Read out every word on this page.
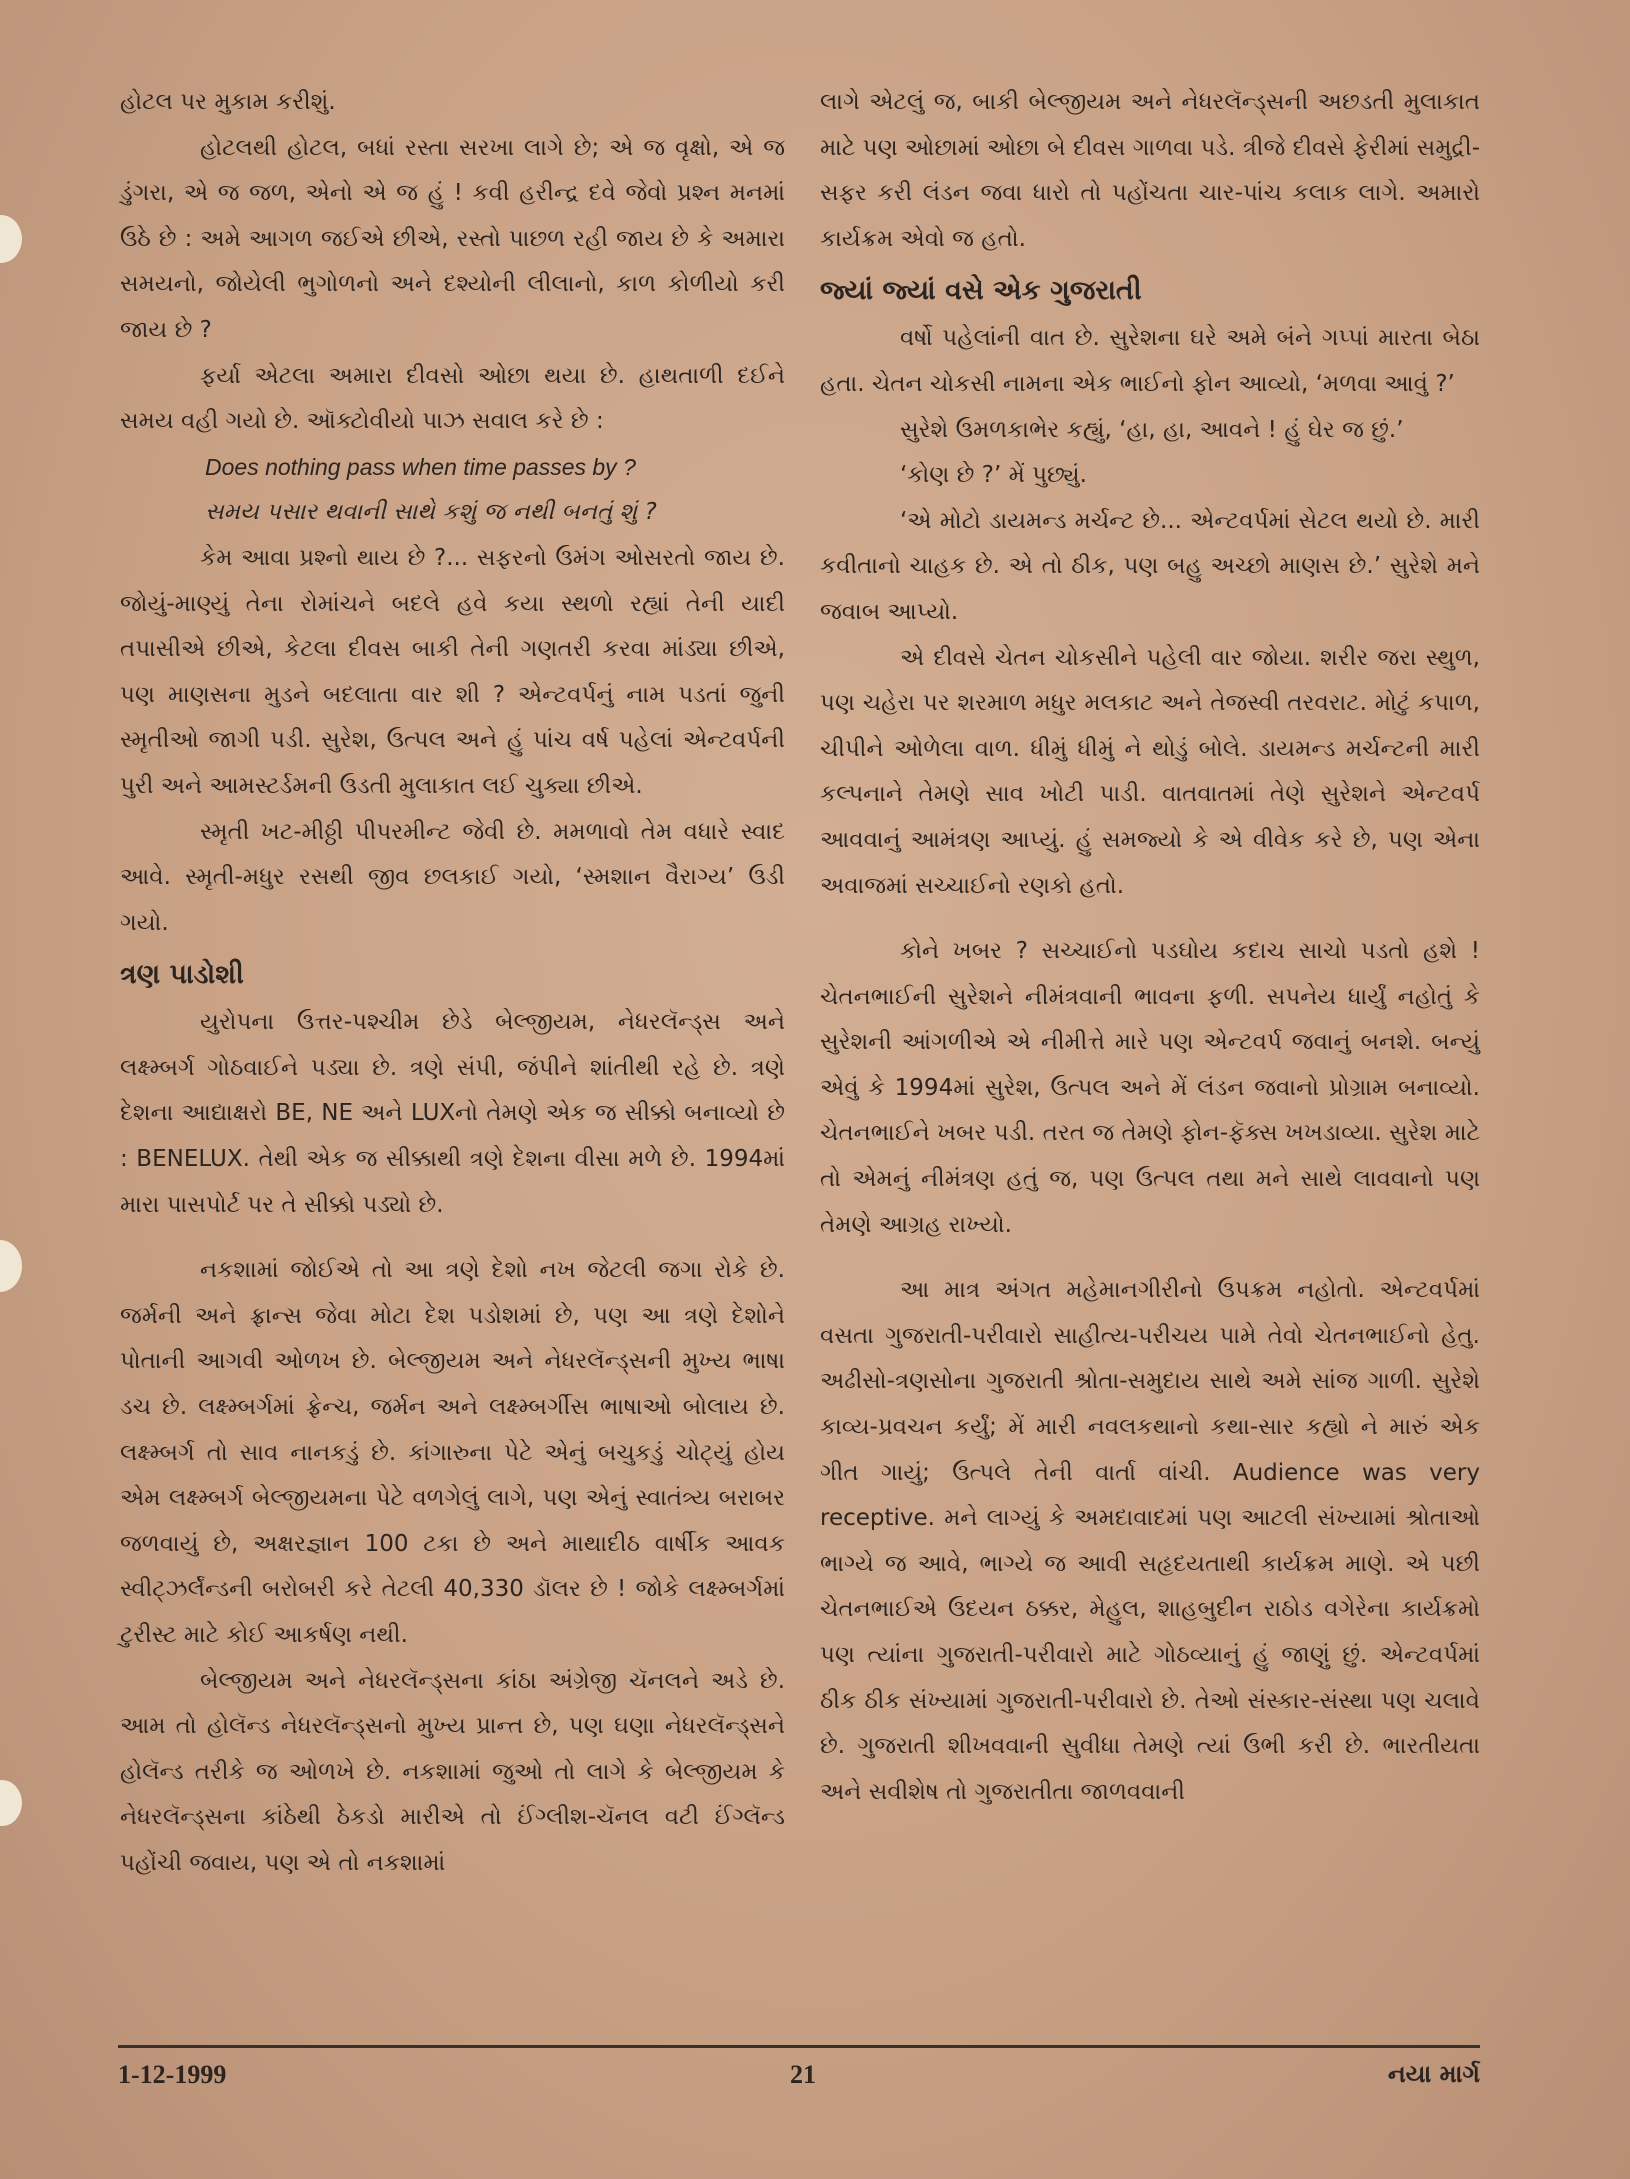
હોટલ પર મુકામ કરીશું.

હોટલથી હોટલ, બધાં રસ્તા સરખા લાગે છે; એ જ વૃક્ષો, એ જ ડુંગરા, એ જ જળ, એનો એ જ હું ! કવી હરીન્દ્ર દવે જેવો પ્રશ્ન મનમાં ઉઠે છે : અમે આગળ જઈએ છીએ, રસ્તો પાછળ રહી જાય છે કે અમારા સમયનો, જોયેલી ભુગોળનો અને દશ્યોની લીલાનો, કાળ કોળીયો કરી જાય છે ?

ફર્યા એટલા અમારા દીવસો ઓછા થયા છે. હાથતાળી દઈને સમય વહી ગયો છે. ઑક્ટોવીયો પાઝ સવાલ કરે છે :

Does nothing pass when time passes by ?

સમય પસાર થવાની સાથે કશું જ નથી બનતું શું ?

કેમ આવા પ્રશ્નો થાય છે ?... સફરનો ઉમંગ ઓસરતો જાય છે. જોયું-માણ્યું તેના રોમાંચને બદલે હવે કયા સ્થળો રહ્યાં તેની યાદી તપાસીએ છીએ, કેટલા દીવસ બાકી તેની ગણતરી કરવા માંડ્યા છીએ, પણ માણસના મુડને બદલાતા વાર શી ? એન્ટવર્પનું નામ પડતાં જુની સ્મૃતીઓ જાગી પડી. સુરેશ, ઉત્પલ અને હું પાંચ વર્ષ પહેલાં એન્ટવર્પની પુરી અને આમસ્ટર્ડમની ઉડતી મુલાકાત લઈ ચુક્યા છીએ.

સ્મૃતી ખટ-મીઠ્ઠી પીપરમીન્ટ જેવી છે. મમળાવો તેમ વધારે સ્વાદ આવે. સ્મૃતી-મધુર રસથી જીવ છલકાઈ ગયો, ‘સ્મશાન વૈરાગ્ય’ ઉડી ગયો.

ત્રણ પાડોશી

યુરોપના ઉત્તર-પશ્ચીમ છેડે બેલ્જીયમ, નેધરલૅન્ડ્સ અને લક્ષ્મ્બર્ગ ગોઠવાઈને પડ્યા છે. ત્રણે સંપી, જંપીને શાંતીથી રહે છે. ત્રણે દેશના આદ્યાક્ષરો BE, NE અને LUXનો તેમણે એક જ સીક્કો બનાવ્યો છે : BENELUX. તેથી એક જ સીક્કાથી ત્રણે દેશના વીસા મળે છે. 1994માં મારા પાસપોર્ટ પર તે સીક્કો પડ્યો છે.

નકશામાં જોઈએ તો આ ત્રણે દેશો નખ જેટલી જગા રોકે છે. જર્મની અને ફ્રાન્સ જેવા મોટા દેશ પડોશમાં છે, પણ આ ત્રણે દેશોને પોતાની આગવી ઓળખ છે. બેલ્જીયમ અને નેધરલૅન્ડ્સની મુખ્ય ભાષા ડચ છે. લક્ષ્મ્બર્ગમાં ફ્રેન્ચ, જર્મન અને લક્ષ્મ્બર્ગીસ ભાષાઓ બોલાય છે. લક્ષ્મ્બર્ગ તો સાવ નાનકડું છે. કાંગારુના પેટે એનું બચુકડું ચોટ્યું હોય એમ લક્ષ્મ્બર્ગ બેલ્જીયમના પેટે વળગેલું લાગે, પણ એનું સ્વાતંત્ર્ય બરાબર જળવાયું છે, અક્ષરજ્ઞાન 100 ટકા છે અને માથાદીઠ વાર્ષીક આવક સ્વીટ્ઝર્લૅન્ડની બરોબરી કરે તેટલી 40,330 ડૉલર છે ! જોકે લક્ષ્મ્બર્ગમાં ટુરીસ્ટ માટે કોઈ આકર્ષણ નથી.

બેલ્જીયમ અને નેધરલૅન્ડ્સના કાંઠા અંગ્રેજી ચૅનલને અડે છે. આમ તો હોલૅન્ડ નેધરલૅન્ડ્સનો મુખ્ય પ્રાન્ત છે, પણ ઘણા નેધરલૅન્ડ્સને હોલૅન્ડ તરીકે જ ઓળખે છે. નકશામાં જુઓ તો લાગે કે બેલ્જીયમ કે નેધરલૅન્ડ્સના કાંઠેથી ઠેકડો મારીએ તો ઈંગ્લીશ-ચૅનલ વટી ઈંગ્લૅન્ડ પહોંચી જવાય, પણ એ તો નકશામાં

લાગે એટલું જ, બાકી બેલ્જીયમ અને નેધરલૅન્ડ્સની અછડતી મુલાકાત માટે પણ ઓછામાં ઓછા બે દીવસ ગાળવા પડે. ત્રીજે દીવસે ફેરીમાં સમુદ્રી-સફર કરી લંડન જવા ધારો તો પહોંચતા ચાર-પાંચ કલાક લાગે. અમારો કાર્યક્રમ એવો જ હતો.

જ્યાં જ્યાં વસે એક ગુજરાતી

વર્ષો પહેલાંની વાત છે. સુરેશના ઘરે અમે બંને ગપ્પાં મારતા બેઠા હતા. ચેતન ચોકસી નામના એક ભાઈનો ફોન આવ્યો, ‘મળવા આવું ?’

સુરેશે ઉમળકાભેર કહ્યું, ‘હા, હા, આવને ! હું ઘેર જ છું.’

‘કોણ છે ?’ મેં પુછ્યું.

‘એ મોટો ડાયમન્ડ મર્ચન્ટ છે... એન્ટવર્પમાં સેટલ થયો છે. મારી કવીતાનો ચાહક છે. એ તો ઠીક, પણ બહુ અચ્છો માણસ છે.’ સુરેશે મને જવાબ આપ્યો.

એ દીવસે ચેતન ચોકસીને પહેલી વાર જોયા. શરીર જરા સ્થુળ, પણ ચહેરા પર શરમાળ મધુર મલકાટ અને તેજસ્વી તરવરાટ. મોટું કપાળ, ચીપીને ઓળેલા વાળ. ધીમું ધીમું ને થોડું બોલે. ડાયમન્ડ મર્ચન્ટની મારી કલ્પનાને તેમણે સાવ ખોટી પાડી. વાતવાતમાં તેણે સુરેશને એન્ટવર્પ આવવાનું આમંત્રણ આપ્યું. હું સમજ્યો કે એ વીવેક કરે છે, પણ એના અવાજમાં સચ્ચાઈનો રણકો હતો.

કોને ખબર ? સચ્ચાઈનો પડઘોય કદાચ સાચો પડતો હશે ! ચેતનભાઈની સુરેશને નીમંત્રવાની ભાવના ફળી. સપનેય ધાર્યું નહોતું કે સુરેશની આંગળીએ એ નીમીત્તે મારે પણ એન્ટવર્પ જવાનું બનશે. બન્યું એવું કે 1994માં સુરેશ, ઉત્પલ અને મેં લંડન જવાનો પ્રોગ્રામ બનાવ્યો. ચેતનભાઈને ખબર પડી. તરત જ તેમણે ફોન-ફૅક્સ ખખડાવ્યા. સુરેશ માટે તો એમનું નીમંત્રણ હતું જ, પણ ઉત્પલ તથા મને સાથે લાવવાનો પણ તેમણે આગ્રહ રાખ્યો.

આ માત્ર અંગત મહેમાનગીરીનો ઉપક્રમ નહોતો. એન્ટવર્પમાં વસતા ગુજરાતી-પરીવારો સાહીત્ય-પરીચય પામે તેવો ચેતનભાઈનો હેતુ. અઢીસો-ત્રણસોના ગુજરાતી શ્રોતા-સમુદાય સાથે અમે સાંજ ગાળી. સુરેશે કાવ્ય-પ્રવચન કર્યું; મેં મારી નવલકથાનો કથા-સાર કહ્યો ને મારું એક ગીત ગાયું; ઉત્પલે તેની વાર્તા વાંચી. Audience was very receptive. મને લાગ્યું કે અમદાવાદમાં પણ આટલી સંખ્યામાં શ્રોતાઓ ભાગ્યે જ આવે, ભાગ્યે જ આવી સહૃદયતાથી કાર્યક્રમ માણે. એ પછી ચેતનભાઈએ ઉદયન ઠક્કર, મેહુલ, શાહબુદીન રાઠોડ વગેરેના કાર્યક્રમો પણ ત્યાંના ગુજરાતી-પરીવારો માટે ગોઠવ્યાનું હું જાણું છું. એન્ટવર્પમાં ઠીક ઠીક સંખ્યામાં ગુજરાતી-પરીવારો છે. તેઓ સંસ્કાર-સંસ્થા પણ ચલાવે છે. ગુજરાતી શીખવવાની સુવીધા તેમણે ત્યાં ઉભી કરી છે. ભારતીયતા અને સવીશેષ તો ગુજરાતીતા જાળવવાની

1-12-1999	21	નયા માર્ગ
